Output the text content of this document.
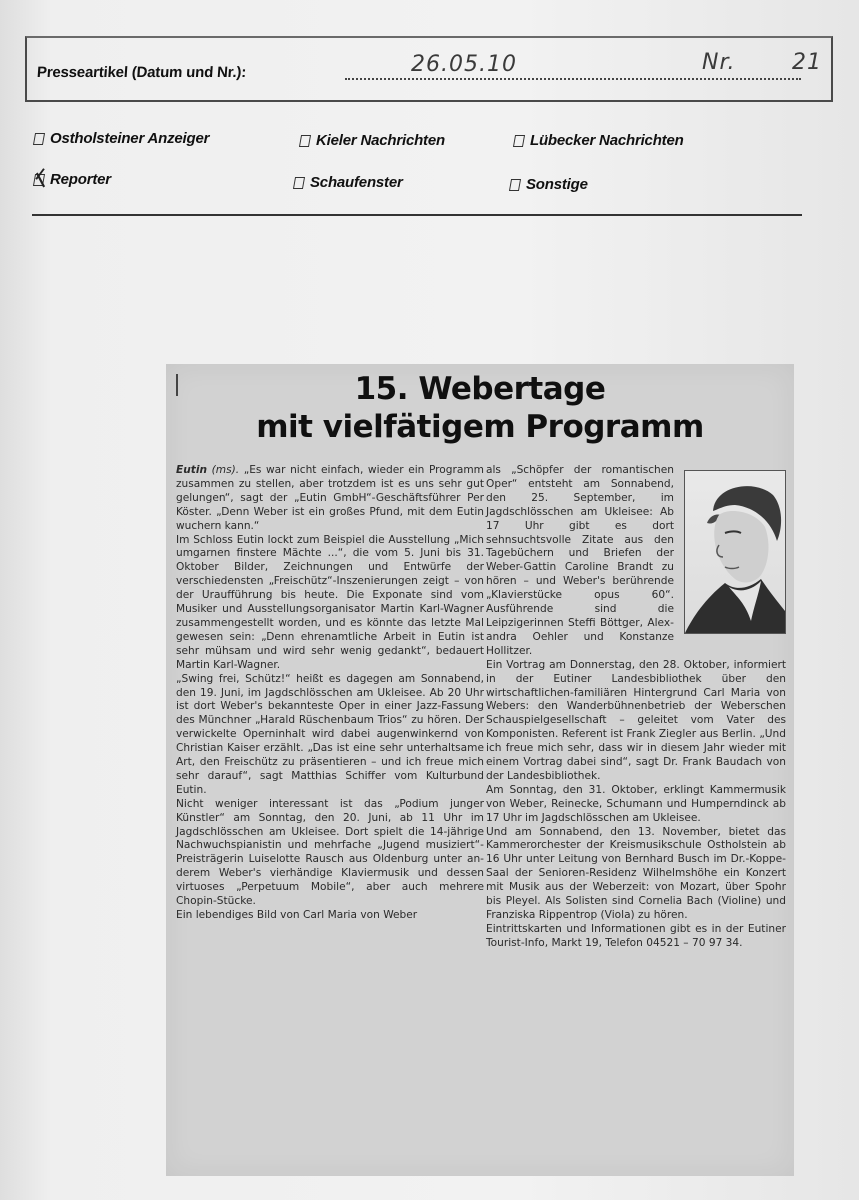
Presseartikel (Datum und Nr.):	26.05.10	Nr.	21
Ostholsteiner Anzeiger	Kieler Nachrichten	Lübecker Nachrichten
Reporter	Schaufenster	Sonstige
15. Webertage
mit vielfätigem Programm

Eutin (ms). „Es war nicht einfach, wieder ein Programm zusammen zu stellen, aber trotzdem ist es uns sehr gut gelungen“, sagt der „Eutin GmbH“-Geschäftsführer Per Köster. „Denn Weber ist ein großes Pfund, mit dem Eutin wuchern kann.“

Im Schloss Eutin lockt zum Beispiel die Ausstellung „Mich umgarnen finstere Mächte ...“, die vom 5. Juni bis 31. Oktober Bilder, Zeichnungen und Entwürfe der verschiedensten „Freischütz“-Inszenierungen zeigt – von der Uraufführung bis heute. Die Exponate sind vom Musiker und Ausstellungsorganisator Martin Karl-Wagner zusammengestellt worden, und es könnte das letzte Mal gewesen sein: „Denn ehrenamtliche Arbeit in Eutin ist sehr mühsam und wird sehr wenig gedankt“, bedauert Martin Karl-Wagner.

„Swing frei, Schütz!“ heißt es dagegen am Sonnabend, den 19. Juni, im Jagdschlösschen am Ukleisee. Ab 20 Uhr ist dort Weber's bekannteste Oper in einer Jazz-Fassung des Münchner „Harald Rüschenbaum Trios“ zu hören. Der verwickelte Operninhalt wird dabei augenwinkernd von Christian Kaiser erzählt. „Das ist eine sehr unterhaltsame Art, den Freischütz zu präsentieren – und ich freue mich sehr darauf“, sagt Matthias Schiffer vom Kulturbund Eutin.

Nicht weniger interessant ist das „Podium junger Künstler“ am Sonntag, den 20. Juni, ab 11 Uhr im Jagdschlösschen am Ukleisee. Dort spielt die 14-jährige Nachwuchspianistin und mehrfache „Jugend musiziert“-Preisträgerin Luiselotte Rausch aus Oldenburg unter anderem Weber's vierhändige Klaviermusik und dessen virtuoses „Perpetuum Mobile“, aber auch mehrere Chopin-Stücke.

Ein lebendiges Bild von Carl Maria von Weber

als „Schöpfer der romantischen Oper“ entsteht am Sonnabend, den 25. September, im Jagdschlösschen am Ukleisee: Ab 17 Uhr gibt es dort sehnsuchtsvolle Zitate aus den Tagebüchern und Briefen der Weber-Gattin Caroline Brandt zu hören – und Weber's berührende „Klavierstücke opus 60“. Ausführende sind die Leipzigerinnen Steffi Böttger, Alexandra Oehler und Konstanze Hollitzer.

Ein Vortrag am Donnerstag, den 28. Oktober, informiert in der Eutiner Landesbibliothek über den wirtschaftlichen-familiären Hintergrund Carl Maria von Webers: den Wanderbühnenbetrieb der Weberschen Schauspielgesellschaft – geleitet vom Vater des Komponisten. Referent ist Frank Ziegler aus Berlin. „Und ich freue mich sehr, dass wir in diesem Jahr wieder mit einem Vortrag dabei sind“, sagt Dr. Frank Baudach von der Landesbibliothek.

Am Sonntag, den 31. Oktober, erklingt Kammermusik von Weber, Reinecke, Schumann und Humperndinck ab 17 Uhr im Jagdschlösschen am Ukleisee.

Und am Sonnabend, den 13. November, bietet das Kammerorchester der Kreismusikschule Ostholstein ab 16 Uhr unter Leitung von Bernhard Busch im Dr.-Koppe-Saal der Senioren-Residenz Wilhelmshöhe ein Konzert mit Musik aus der Weberzeit: von Mozart, über Spohr bis Pleyel. Als Solisten sind Cornelia Bach (Violine) und Franziska Rippentrop (Viola) zu hören.

Eintrittskarten und Informationen gibt es in der Eutiner Tourist-Info, Markt 19, Telefon 04521 – 70 97 34.
